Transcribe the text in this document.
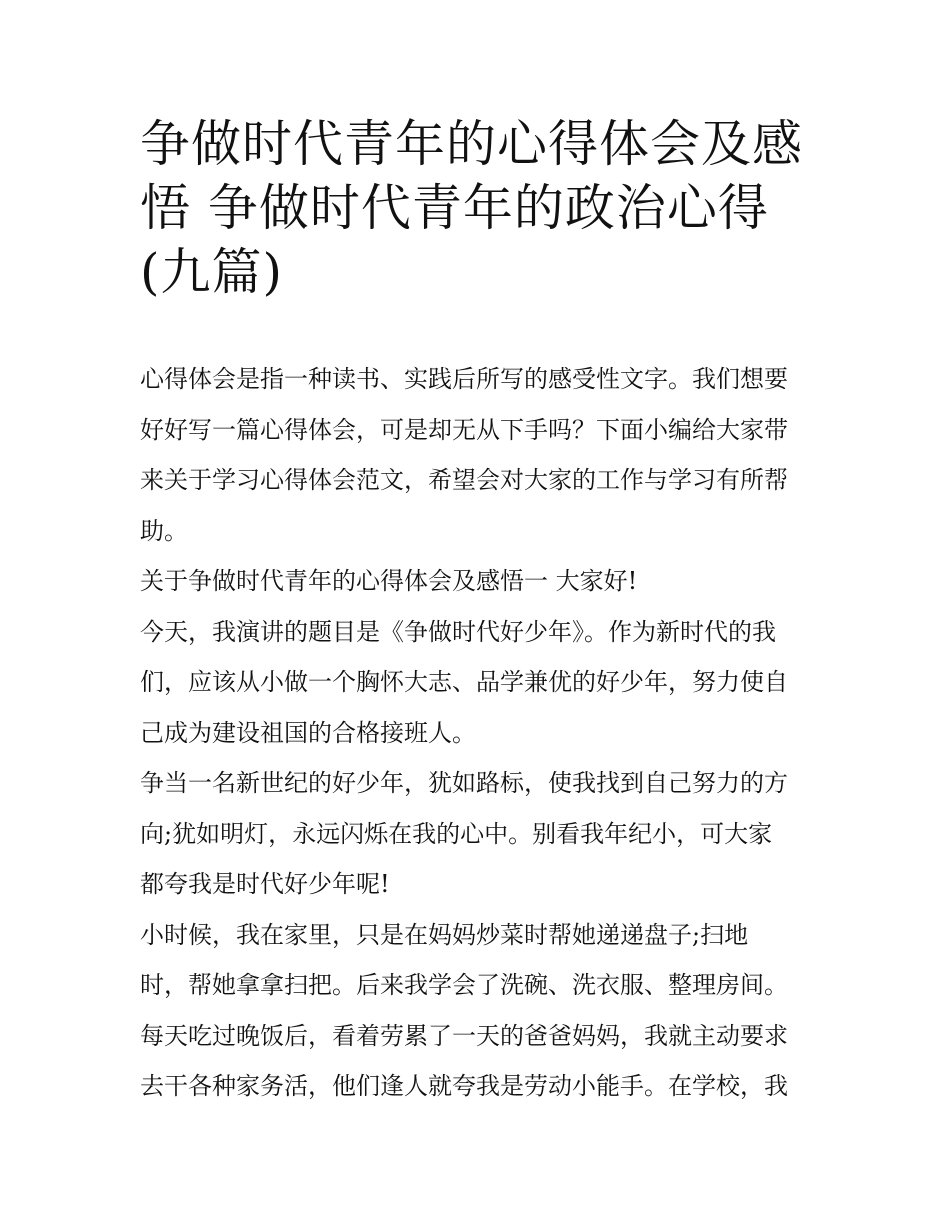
争做时代青年的心得体会及感
悟 争做时代青年的政治心得
(九篇)
心得体会是指一种读书、实践后所写的感受性文字。我们想要
好好写一篇心得体会，可是却无从下手吗？下面小编给大家带
来关于学习心得体会范文，希望会对大家的工作与学习有所帮
助。
关于争做时代青年的心得体会及感悟一 大家好!
今天，我演讲的题目是《争做时代好少年》。作为新时代的我
们，应该从小做一个胸怀大志、品学兼优的好少年，努力使自
己成为建设祖国的合格接班人。
争当一名新世纪的好少年，犹如路标，使我找到自己努力的方
向;犹如明灯，永远闪烁在我的心中。别看我年纪小，可大家
都夸我是时代好少年呢!
小时候，我在家里，只是在妈妈炒菜时帮她递递盘子;扫地
时，帮她拿拿扫把。后来我学会了洗碗、洗衣服、整理房间。
每天吃过晚饭后，看着劳累了一天的爸爸妈妈，我就主动要求
去干各种家务活，他们逢人就夸我是劳动小能手。在学校，我
